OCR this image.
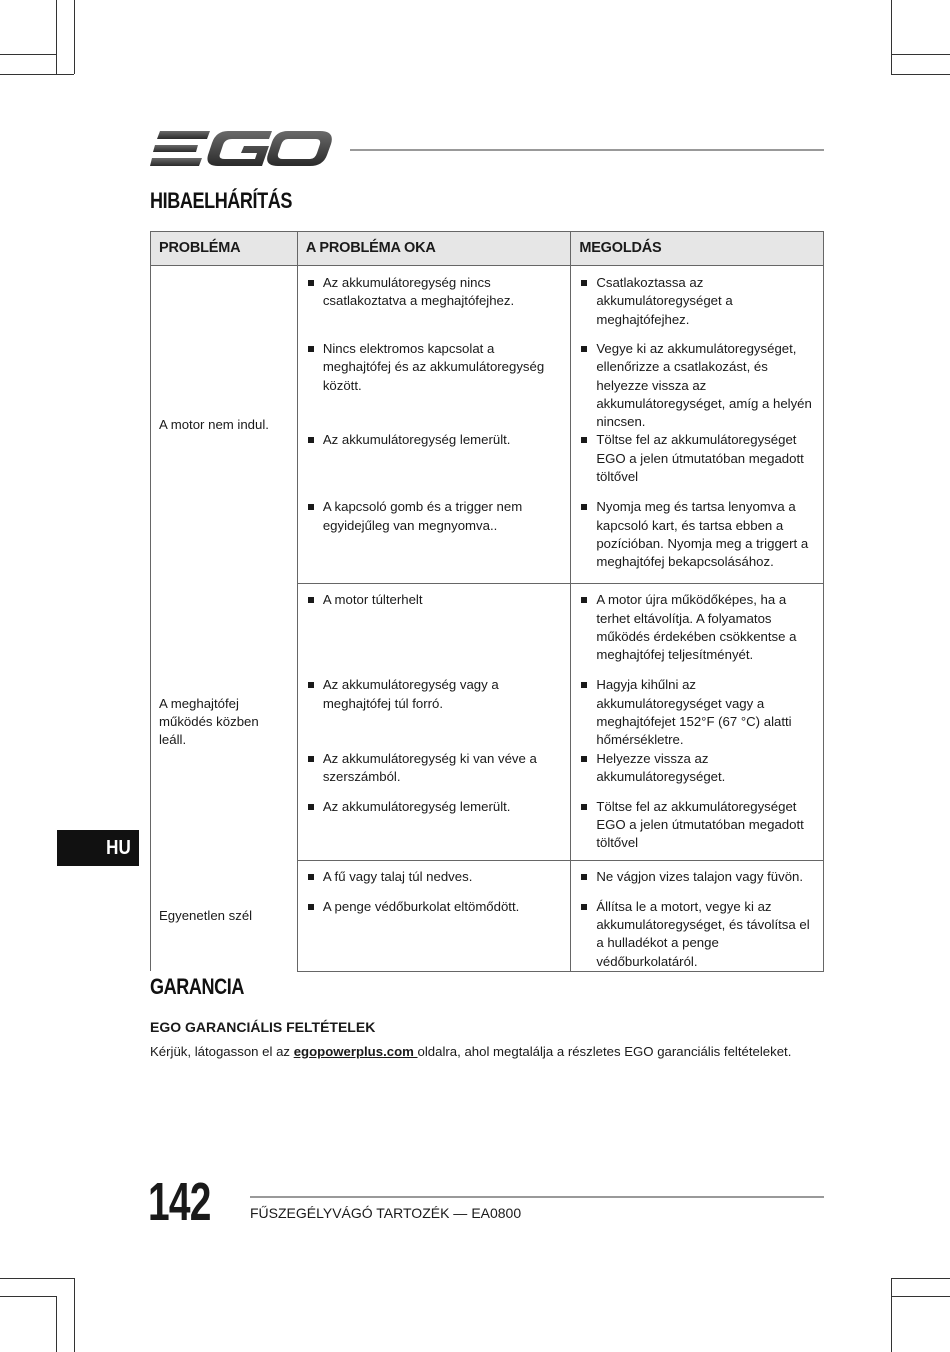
HIBAELHÁRÍTÁS
PROBLÉMA	A PROBLÉMA OKA	MEGOLDÁS
A motor nem indul.	Az akkumulátoregység nincs csatlakoztatva a meghajtófejhez.	Csatlakoztassa az akkumulátoregységet a meghajtófejhez.

Nincs elektromos kapcsolat a meghajtófej és az akkumulátoregység között.	Vegye ki az akkumulátoregységet, ellenőrizze a csatlakozást, és helyezze vissza az akkumulátoregységet, amíg a helyén nincsen.

Az akkumulátoregység lemerült.	Töltse fel az akkumulátoregységet EGO a jelen útmutatóban megadott töltővel

A kapcsoló gomb és a trigger nem egyidejűleg van megnyomva..	Nyomja meg és tartsa lenyomva a kapcsoló kart, és tartsa ebben a pozícióban. Nyomja meg a triggert a meghajtófej bekapcsolásához.

A meghajtófej működés közben leáll.	A motor túlterhelt	A motor újra működőképes, ha a terhet eltávolítja. A folyamatos működés érdekében csökkentse a meghajtófej teljesítményét.

Az akkumulátoregység vagy a meghajtófej túl forró.	Hagyja kihűlni az akkumulátoregységet vagy a meghajtófejet 152°F (67 °C) alatti hőmérsékletre.

Az akkumulátoregység ki van véve a szerszámból.	Helyezze vissza az akkumulátoregységet.

Az akkumulátoregység lemerült.	Töltse fel az akkumulátoregységet EGO a jelen útmutatóban megadott töltővel

Egyenetlen szél	A fű vagy talaj túl nedves.	Ne vágjon vizes talajon vagy füvön.

A penge védőburkolat eltömődött.	Állítsa le a motort, vegye ki az akkumulátoregységet, és távolítsa el a hulladékot a penge védőburkolatáról.
HU
GARANCIA
EGO GARANCIÁLIS FELTÉTELEK
Kérjük, látogasson el az egopowerplus.com oldalra, ahol megtalálja a részletes EGO garanciális feltételeket.
142	FŰSZEGÉLYVÁGÓ TARTOZÉK — EA0800
